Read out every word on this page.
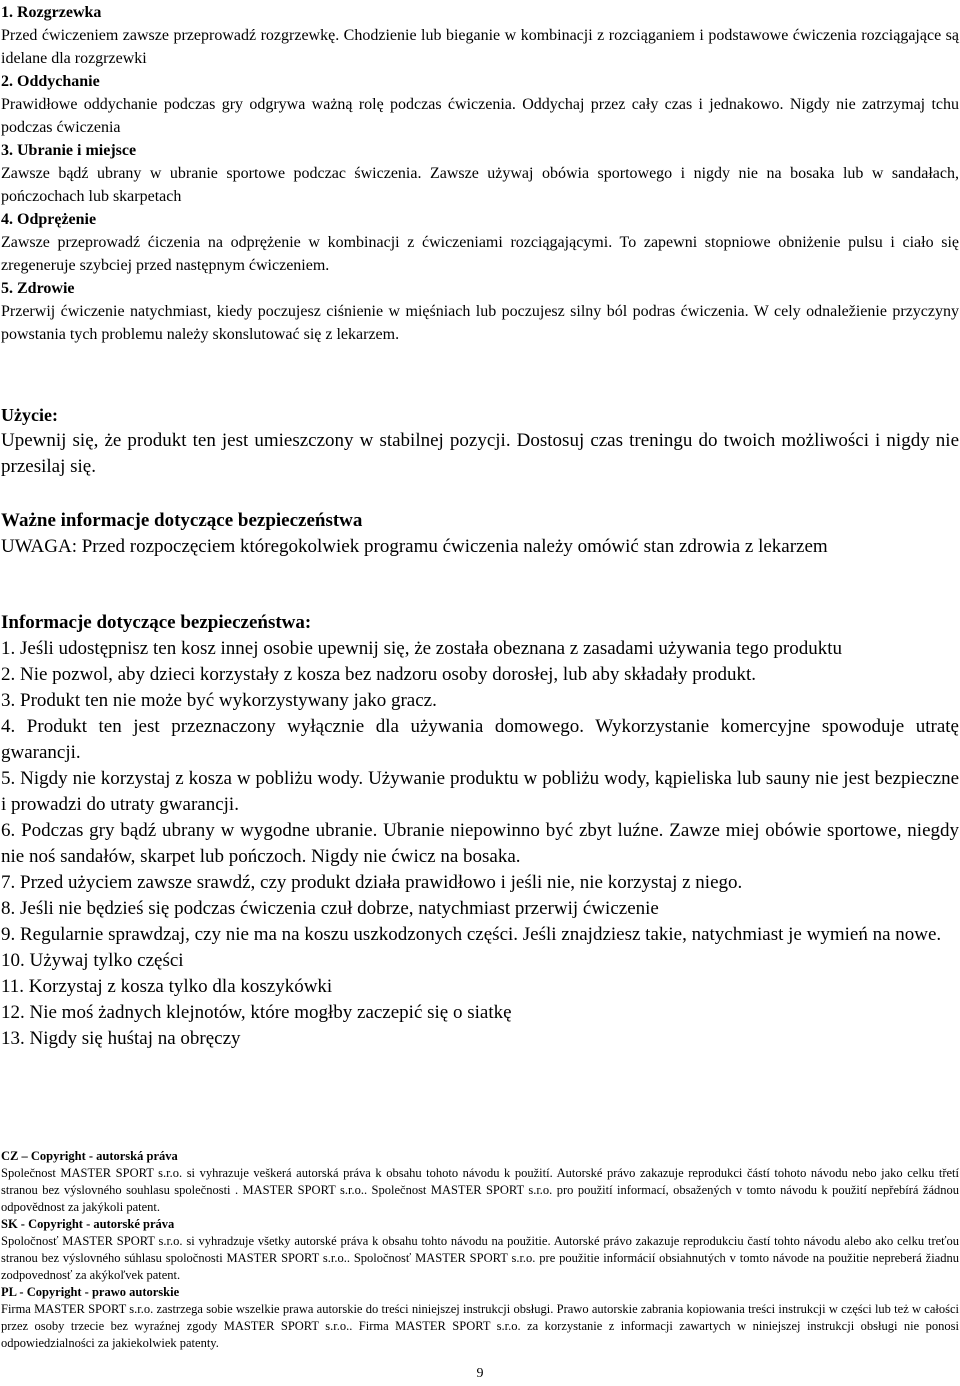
1. Rozgrzewka

Przed ćwiczeniem zawsze przeprowadź rozgrzewkę. Chodzienie lub bieganie w kombinacji z rozciąganiem i podstawowe ćwiczenia rozciągające są idelane dla rozgrzewki

2. Oddychanie

Prawidłowe oddychanie podczas gry odgrywa ważną rolę podczas ćwiczenia. Oddychaj przez cały czas i jednakowo. Nigdy nie zatrzymaj tchu podczas ćwiczenia

3. Ubranie i miejsce

Zawsze bądź ubrany w ubranie sportowe podczac świczenia. Zawsze używaj obówia sportowego i nigdy nie na bosaka lub w sandałach, pończochach lub skarpetach

4. Odprężenie

Zawsze przeprowadź ćiczenia na odprężenie w kombinacji z ćwiczeniami rozciągającymi. To zapewni stopniowe obniżenie pulsu i ciało się zregeneruje szybciej przed następnym ćwiczeniem.

5. Zdrowie

Przerwij ćwiczenie natychmiast, kiedy poczujesz ciśnienie w mięśniach lub poczujesz silny ból podras ćwiczenia. W cely odnaležienie przyczyny powstania tych problemu należy skonslutować się z lekarzem.

Użycie:

Upewnij się, że produkt ten jest umieszczony w stabilnej pozycji. Dostosuj czas treningu do twoich możliwości i nigdy nie przesilaj się.

Ważne informacje dotyczące bezpieczeństwa

UWAGA: Przed rozpoczęciem któregokolwiek programu ćwiczenia należy omówić stan zdrowia z lekarzem

Informacje dotyczące bezpieczeństwa:

1. Jeśli udostępnisz ten kosz innej osobie upewnij się, że została obeznana z zasadami używania tego produktu

2. Nie pozwol, aby dzieci korzystały z kosza bez nadzoru osoby dorosłej, lub aby składały produkt.

3. Produkt ten nie może być wykorzystywany jako gracz.

4. Produkt ten jest przeznaczony wyłącznie dla używania domowego. Wykorzystanie komercyjne spowoduje utratę gwarancji.

5. Nigdy nie korzystaj z kosza w pobliżu wody. Używanie produktu w pobliżu wody, kąpieliska lub sauny nie jest bezpieczne i prowadzi do utraty gwarancji.

6. Podczas gry bądź ubrany w wygodne ubranie. Ubranie niepowinno być zbyt luźne. Zawze miej obówie sportowe, niegdy nie noś sandałów, skarpet lub pończoch. Nigdy nie ćwicz na bosaka.

7. Przed użyciem zawsze srawdź, czy produkt działa prawidłowo i jeśli nie, nie korzystaj z niego.

8. Jeśli nie będzieś się podczas ćwiczenia czuł dobrze, natychmiast przerwij ćwiczenie

9. Regularnie sprawdzaj, czy nie ma na koszu uszkodzonych części. Jeśli znajdziesz takie, natychmiast je wymień na nowe.

10. Używaj tylko części

11. Korzystaj z kosza tylko dla koszykówki

12. Nie moś żadnych klejnotów, które mogłby zaczepić się o siatkę

13. Nigdy się huśtaj na obręczy

CZ – Copyright - autorská práva

Společnost MASTER SPORT s.r.o. si vyhrazuje veškerá autorská práva k obsahu tohoto návodu k použití. Autorské právo zakazuje reprodukci částí tohoto návodu nebo jako celku třetí stranou bez výslovného souhlasu společnosti . MASTER SPORT s.r.o.. Společnost MASTER SPORT s.r.o. pro použití informací, obsažených v tomto návodu k použití nepřebírá žádnou odpovědnost za jakýkoli patent.

SK - Copyright - autorské práva

Spoločnosť MASTER SPORT s.r.o. si vyhradzuje všetky autorské práva k obsahu tohto návodu na použitie. Autorské právo zakazuje reprodukciu častí tohto návodu alebo ako celku treťou stranou bez výslovného súhlasu spoločnosti MASTER SPORT s.r.o.. Spoločnosť MASTER SPORT s.r.o. pre použitie informácií obsiahnutých v tomto návode na použitie nepreberá žiadnu zodpovednosť za akýkoľvek patent.

PL - Copyright - prawo autorskie

Firma MASTER SPORT s.r.o. zastrzega sobie wszelkie prawa autorskie do treści niniejszej instrukcji obsługi. Prawo autorskie zabrania kopiowania treści instrukcji w części lub też w całości przez osoby trzecie bez wyraźnej zgody MASTER SPORT s.r.o.. Firma MASTER SPORT s.r.o. za korzystanie z informacji zawartych w niniejszej instrukcji obsługi nie ponosi odpowiedzialności za jakiekolwiek patenty.

9
